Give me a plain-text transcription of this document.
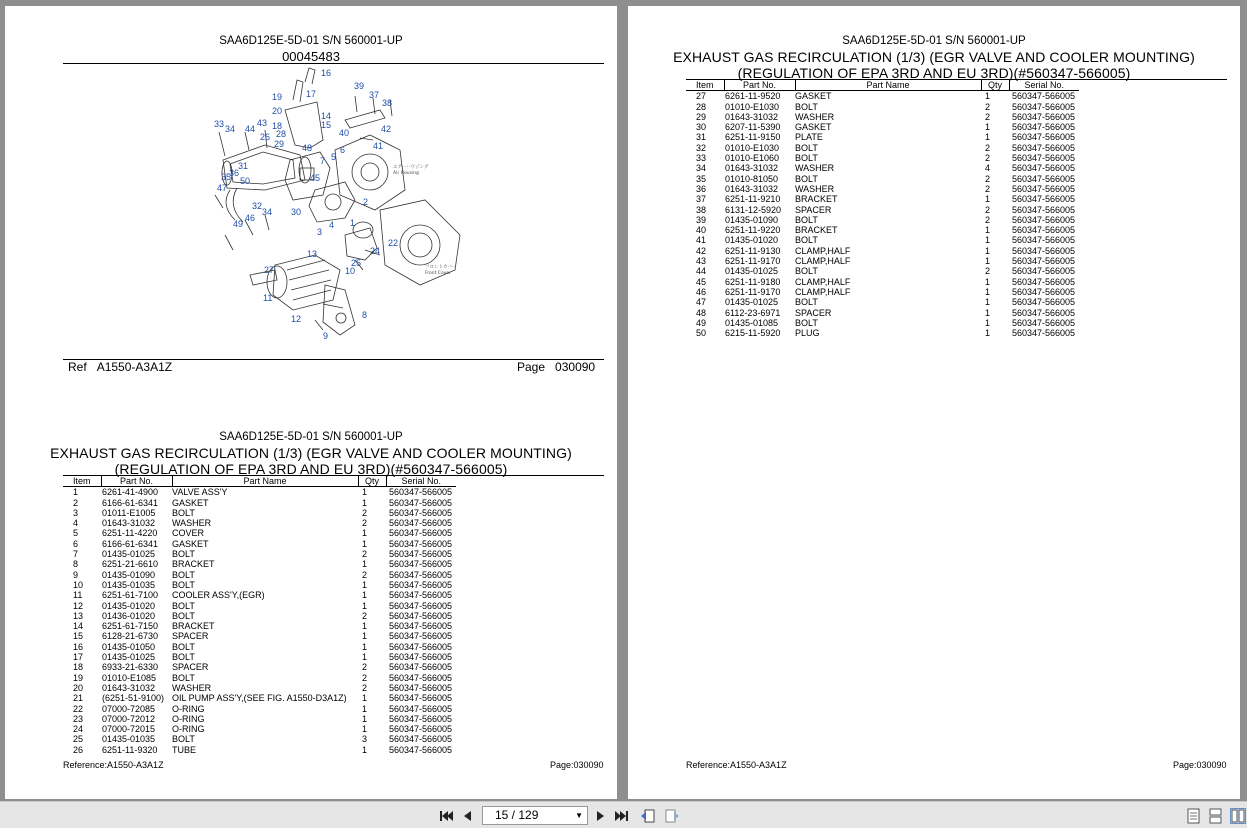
SAA6D125E-5D-01 S/N 560001-UP
00045483
16
39
37
38
19	17
20	14
15
40	42
41
33 34 44
43 18
28
26
29 48
7 5
6
31
36
50
35
47
45
2
32
34
46
49
30
3
4 1
13
22
24
25
10
27
11
12
9
8
エアーハウジング
Air Housing
フロントカバー
Front Cover
Ref A1550-A3A1Z	Page 030090
SAA6D125E-5D-01 S/N 560001-UP
EXHAUST GAS RECIRCULATION (1/3) (EGR VALVE AND COOLER MOUNTING)
(REGULATION OF EPA 3RD AND EU 3RD)(#560347-566005)
Item	Part No.	Part Name	Qty	Serial No.
1	6261-41-4900	VALVE ASS'Y	1	560347-566005
2	6166-61-6341	GASKET	1	560347-566005
3	01011-E1005	BOLT	2	560347-566005
4	01643-31032	WASHER	2	560347-566005
5	6251-11-4220	COVER	1	560347-566005
6	6166-61-6341	GASKET	1	560347-566005
7	01435-01025	BOLT	2	560347-566005
8	6251-21-6610	BRACKET	1	560347-566005
9	01435-01090	BOLT	2	560347-566005
10	01435-01035	BOLT	1	560347-566005
11	6251-61-7100	COOLER ASS'Y,(EGR)	1	560347-566005
12	01435-01020	BOLT	1	560347-566005
13	01436-01020	BOLT	2	560347-566005
14	6251-61-7150	BRACKET	1	560347-566005
15	6128-21-6730	SPACER	1	560347-566005
16	01435-01050	BOLT	1	560347-566005
17	01435-01025	BOLT	1	560347-566005
18	6933-21-6330	SPACER	2	560347-566005
19	01010-E1085	BOLT	2	560347-566005
20	01643-31032	WASHER	2	560347-566005
21	(6251-51-9100)	OIL PUMP ASS'Y,(SEE FIG. A1550-D3A1Z)	1	560347-566005
22	07000-72085	O-RING	1	560347-566005
23	07000-72012	O-RING	1	560347-566005
24	07000-72015	O-RING	1	560347-566005
25	01435-01035	BOLT	3	560347-566005
26	6251-11-9320	TUBE	1	560347-566005
Reference:A1550-A3A1Z	Page:030090
SAA6D125E-5D-01 S/N 560001-UP
EXHAUST GAS RECIRCULATION (1/3) (EGR VALVE AND COOLER MOUNTING)
(REGULATION OF EPA 3RD AND EU 3RD)(#560347-566005)
Item	Part No.	Part Name	Qty	Serial No.
27	6261-11-9520	GASKET	1	560347-566005
28	01010-E1030	BOLT	2	560347-566005
29	01643-31032	WASHER	2	560347-566005
30	6207-11-5390	GASKET	1	560347-566005
31	6251-11-9150	PLATE	1	560347-566005
32	01010-E1030	BOLT	2	560347-566005
33	01010-E1060	BOLT	2	560347-566005
34	01643-31032	WASHER	4	560347-566005
35	01010-81050	BOLT	2	560347-566005
36	01643-31032	WASHER	2	560347-566005
37	6251-11-9210	BRACKET	1	560347-566005
38	6131-12-5920	SPACER	2	560347-566005
39	01435-01090	BOLT	2	560347-566005
40	6251-11-9220	BRACKET	1	560347-566005
41	01435-01020	BOLT	1	560347-566005
42	6251-11-9130	CLAMP,HALF	1	560347-566005
43	6251-11-9170	CLAMP,HALF	1	560347-566005
44	01435-01025	BOLT	2	560347-566005
45	6251-11-9180	CLAMP,HALF	1	560347-566005
46	6251-11-9170	CLAMP,HALF	1	560347-566005
47	01435-01025	BOLT	1	560347-566005
48	6112-23-6971	SPACER	1	560347-566005
49	01435-01085	BOLT	1	560347-566005
50	6215-11-5920	PLUG	1	560347-566005
Reference:A1550-A3A1Z	Page:030090
15 / 129	▼
